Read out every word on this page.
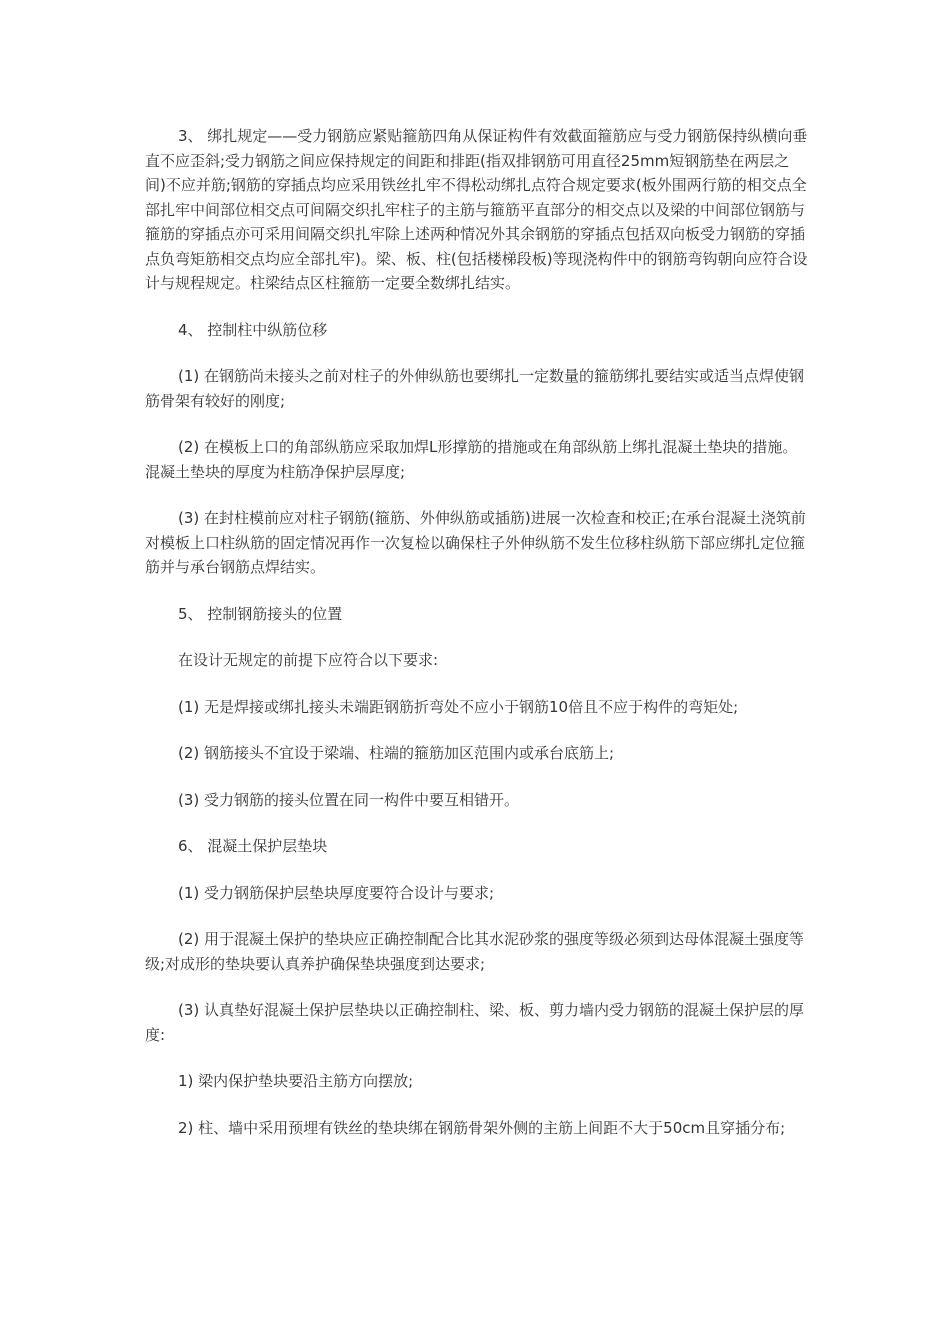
3、 绑扎规定——受力钢筋应紧贴箍筋四角从保证构件有效截面箍筋应与受力钢筋保持纵横向垂直不应歪斜;受力钢筋之间应保持规定的间距和排距(指双排钢筋可用直径25mm短钢筋垫在两层之间)不应并筋;钢筋的穿插点均应采用铁丝扎牢不得松动绑扎点符合规定要求(板外围两行筋的相交点全部扎牢中间部位相交点可间隔交织扎牢柱子的主筋与箍筋平直部分的相交点以及梁的中间部位钢筋与箍筋的穿插点亦可采用间隔交织扎牢除上述两种情况外其余钢筋的穿插点包括双向板受力钢筋的穿插点负弯矩筋相交点均应全部扎牢)。梁、板、柱(包括楼梯段板)等现浇构件中的钢筋弯钩朝向应符合设计与规程规定。柱梁结点区柱箍筋一定要全数绑扎结实。

4、 控制柱中纵筋位移

(1) 在钢筋尚未接头之前对柱子的外伸纵筋也要绑扎一定数量的箍筋绑扎要结实或适当点焊使钢筋骨架有较好的刚度;

(2) 在模板上口的角部纵筋应采取加焊L形撑筋的措施或在角部纵筋上绑扎混凝土垫块的措施。混凝土垫块的厚度为柱筋净保护层厚度;

(3) 在封柱模前应对柱子钢筋(箍筋、外伸纵筋或插筋)进展一次检查和校正;在承台混凝土浇筑前对模板上口柱纵筋的固定情况再作一次复检以确保柱子外伸纵筋不发生位移柱纵筋下部应绑扎定位箍筋并与承台钢筋点焊结实。

5、 控制钢筋接头的位置

在设计无规定的前提下应符合以下要求:

(1) 无是焊接或绑扎接头未端距钢筋折弯处不应小于钢筋10倍且不应于构件的弯矩处;

(2) 钢筋接头不宜设于梁端、柱端的箍筋加区范围内或承台底筋上;

(3) 受力钢筋的接头位置在同一构件中要互相错开。

6、 混凝土保护层垫块

(1) 受力钢筋保护层垫块厚度要符合设计与要求;

(2) 用于混凝土保护的垫块应正确控制配合比其水泥砂浆的强度等级必须到达母体混凝土强度等级;对成形的垫块要认真养护确保垫块强度到达要求;

(3) 认真垫好混凝土保护层垫块以正确控制柱、梁、板、剪力墙内受力钢筋的混凝土保护层的厚度:

1) 梁内保护垫块要沿主筋方向摆放;

2) 柱、墙中采用预埋有铁丝的垫块绑在钢筋骨架外侧的主筋上间距不大于50cm且穿插分布;
